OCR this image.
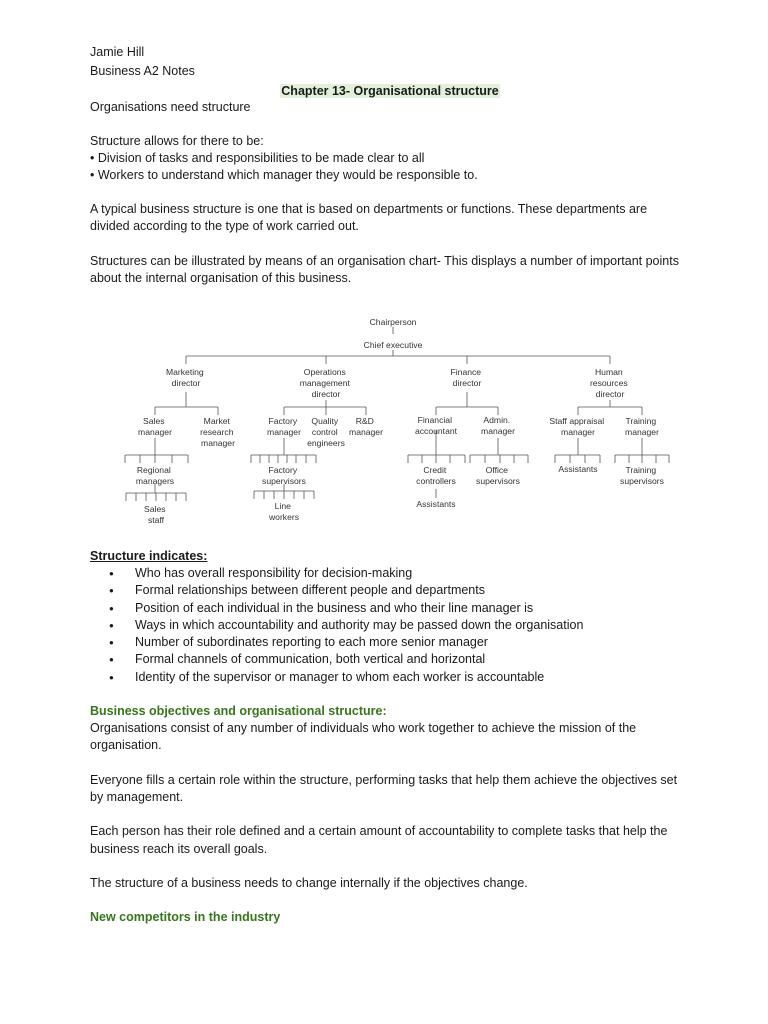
Jamie Hill

Business A2 Notes

Chapter 13- Organisational structure

Organisations need structure

Structure allows for there to be:

• Division of tasks and responsibilities to be made clear to all
• Workers to understand which manager they would be responsible to.

A typical business structure is one that is based on departments or functions. These departments are divided according to the type of work carried out.

Structures can be illustrated by means of an organisation chart- This displays a number of important points about the internal organisation of this business.

Chairperson
Chief executive
Marketing director
Operations management director
Finance director
Human resources director
Sales manager
Market research manager
Factory manager
Quality control engineers
R&D manager
Financial accountant
Admin. manager
Staff appraisal manager
Training manager
Regional managers
Factory supervisors
Credit controllers
Office supervisors
Assistants	Training supervisors
Sales staff
Line workers
Assistants

Structure indicates:

● Who has overall responsibility for decision-making
● Formal relationships between different people and departments
● Position of each individual in the business and who their line manager is
● Ways in which accountability and authority may be passed down the organisation
● Number of subordinates reporting to each more senior manager
● Formal channels of communication, both vertical and horizontal
● Identity of the supervisor or manager to whom each worker is accountable

Business objectives and organisational structure:

Organisations consist of any number of individuals who work together to achieve the mission of the organisation.

Everyone fills a certain role within the structure, performing tasks that help them achieve the objectives set by management.

Each person has their role defined and a certain amount of accountability to complete tasks that help the business reach its overall goals.

The structure of a business needs to change internally if the objectives change.

New competitors in the industry
